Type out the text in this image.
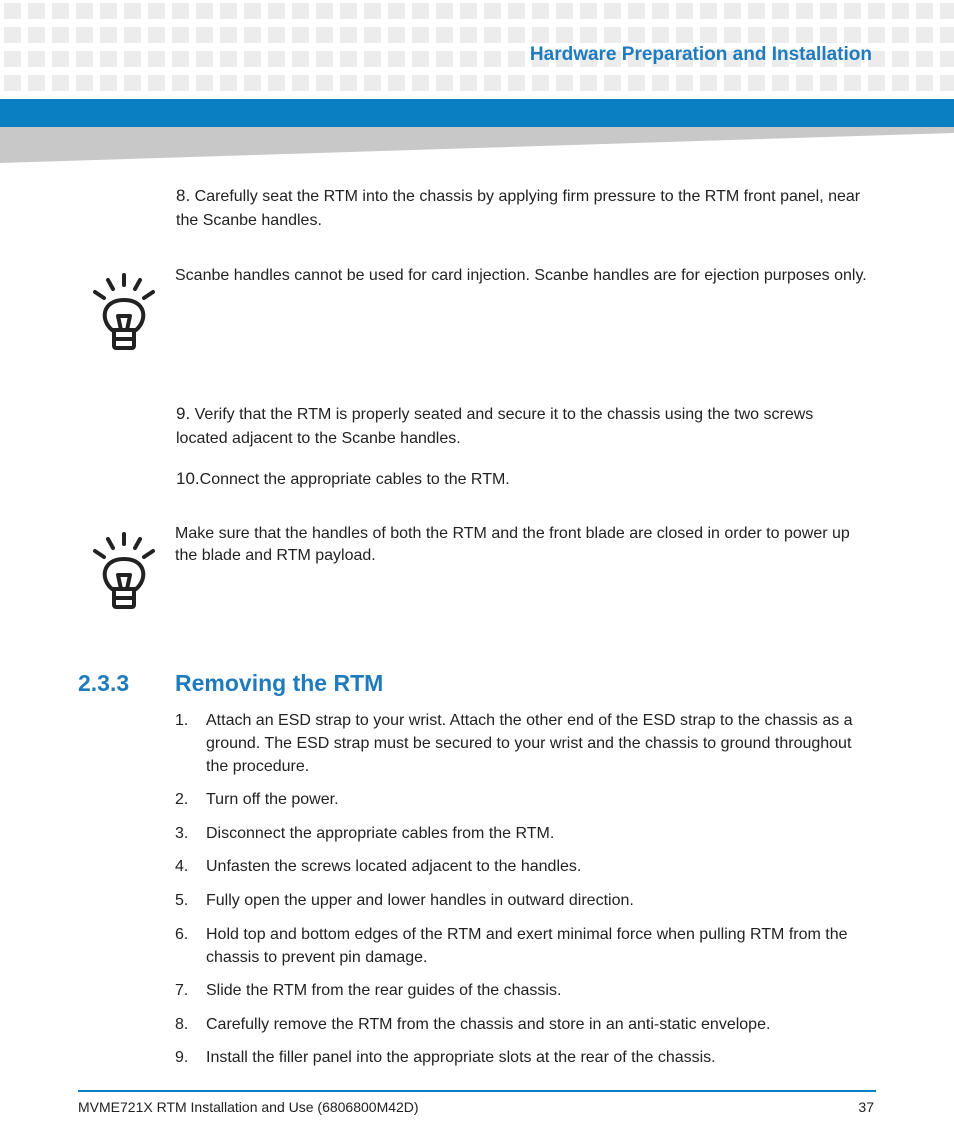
Hardware Preparation and Installation
8. Carefully seat the RTM into the chassis by applying firm pressure to the RTM front panel, near the Scanbe handles.
Scanbe handles cannot be used for card injection. Scanbe handles are for ejection purposes only.
9. Verify that the RTM is properly seated and secure it to the chassis using the two screws located adjacent to the Scanbe handles.
10.Connect the appropriate cables to the RTM.
Make sure that the handles of both the RTM and the front blade are closed in order to power up the blade and RTM payload.
2.3.3 Removing the RTM
1. Attach an ESD strap to your wrist. Attach the other end of the ESD strap to the chassis as a ground. The ESD strap must be secured to your wrist and the chassis to ground throughout the procedure.
2. Turn off the power.
3. Disconnect the appropriate cables from the RTM.
4. Unfasten the screws located adjacent to the handles.
5. Fully open the upper and lower handles in outward direction.
6. Hold top and bottom edges of the RTM and exert minimal force when pulling RTM from the chassis to prevent pin damage.
7. Slide the RTM from the rear guides of the chassis.
8. Carefully remove the RTM from the chassis and store in an anti-static envelope.
9. Install the filler panel into the appropriate slots at the rear of the chassis.
MVME721X RTM Installation and Use (6806800M42D)	37
